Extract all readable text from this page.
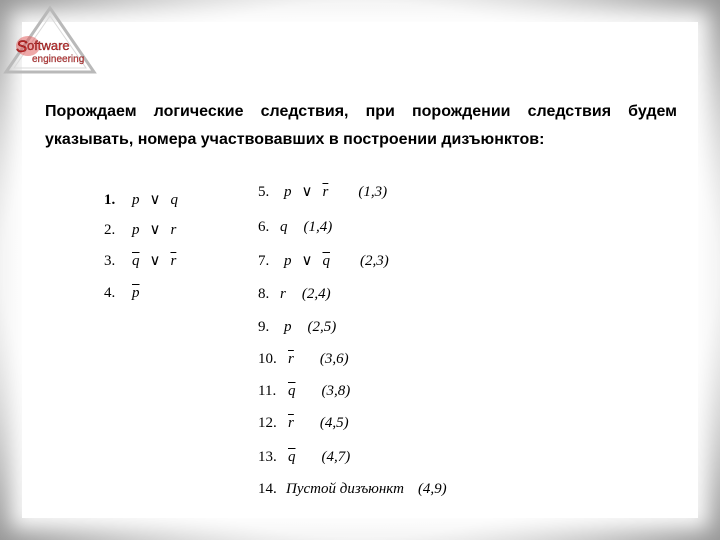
S oftware
engineering

Порождаем логические следствия, при порождении следствия будем указывать, номера участвовавших в построении дизъюнктов:

1. p ∨ q
2. p ∨ r
3. $\overline{q}$ ∨ $\overline{r}$
4. $\overline{p}$
5. p ∨ $\overline{r}$ (1,3)
6. q (1,4)
7. p ∨ $\overline{q}$ (2,3)
8. r (2,4)
9. p (2,5)
10. $\overline{r}$ (3,6)
11. $\overline{q}$ (3,8)
12. $\overline{r}$ (4,5)
13. $\overline{q}$ (4,7)
14. Пустой дизъюнкт (4,9)
